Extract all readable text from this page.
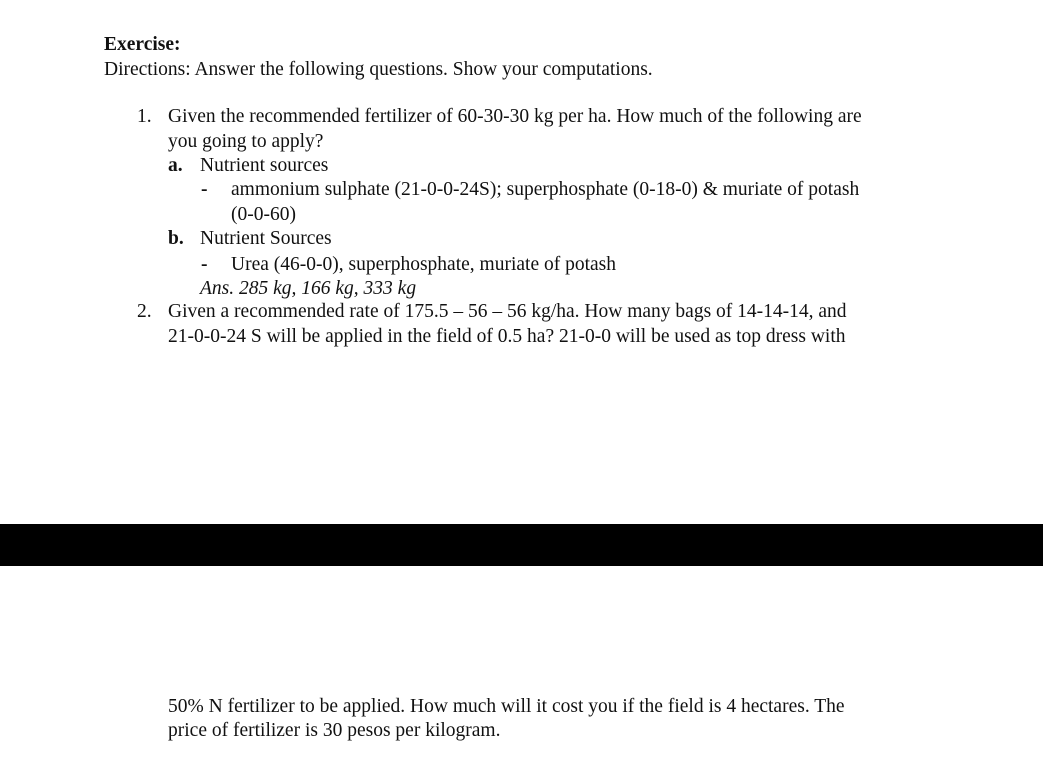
Exercise:
Directions: Answer the following questions. Show your computations.
1. Given the recommended fertilizer of 60-30-30 kg per ha. How much of the following are
you going to apply?
a. Nutrient sources
- ammonium sulphate (21-0-0-24S); superphosphate (0-18-0) & muriate of potash
(0-0-60)
b. Nutrient Sources
- Urea (46-0-0), superphosphate, muriate of potash
Ans. 285 kg, 166 kg, 333 kg
2. Given a recommended rate of 175.5 – 56 – 56 kg/ha. How many bags of 14-14-14, and
21-0-0-24 S will be applied in the field of 0.5 ha? 21-0-0 will be used as top dress with
50% N fertilizer to be applied. How much will it cost you if the field is 4 hectares. The
price of fertilizer is 30 pesos per kilogram.
